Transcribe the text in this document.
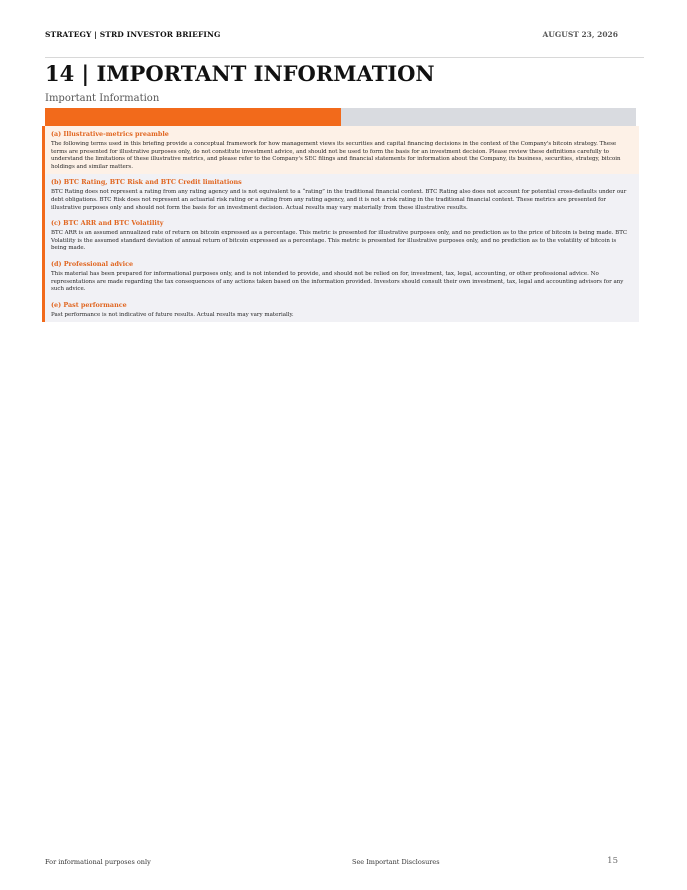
STRATEGY | STRD INVESTOR BRIEFING	AUGUST 23, 2026
14 | IMPORTANT INFORMATION
Important Information

(a) Illustrative-metrics preamble

The following terms used in this briefing provide a conceptual framework for how management views its securities and capital financing decisions in the context of the Company's bitcoin strategy. These terms are presented for illustrative purposes only, do not constitute investment advice, and should not be used to form the basis for an investment decision. Please review these definitions carefully to understand the limitations of these illustrative metrics, and please refer to the Company's SEC filings and financial statements for information about the Company, its business, securities, strategy, bitcoin holdings and similar matters.

(b) BTC Rating, BTC Risk and BTC Credit limitations

BTC Rating does not represent a rating from any rating agency and is not equivalent to a “rating” in the traditional financial context. BTC Rating also does not account for potential cross-defaults under our debt obligations. BTC Risk does not represent an actuarial risk rating or a rating from any rating agency, and it is not a risk rating in the traditional financial context. These metrics are presented for illustrative purposes only and should not form the basis for an investment decision. Actual results may vary materially from these illustrative results.

(c) BTC ARR and BTC Volatility

BTC ARR is an assumed annualized rate of return on bitcoin expressed as a percentage. This metric is presented for illustrative purposes only, and no prediction as to the price of bitcoin is being made. BTC Volatility is the assumed standard deviation of annual return of bitcoin expressed as a percentage. This metric is presented for illustrative purposes only, and no prediction as to the volatility of bitcoin is being made.

(d) Professional advice

This material has been prepared for informational purposes only, and is not intended to provide, and should not be relied on for, investment, tax, legal, accounting, or other professional advice. No representations are made regarding the tax consequences of any actions taken based on the information provided. Investors should consult their own investment, tax, legal and accounting advisors for any such advice.

(e) Past performance

Past performance is not indicative of future results. Actual results may vary materially.

For informational purposes only	See Important Disclosures	15
